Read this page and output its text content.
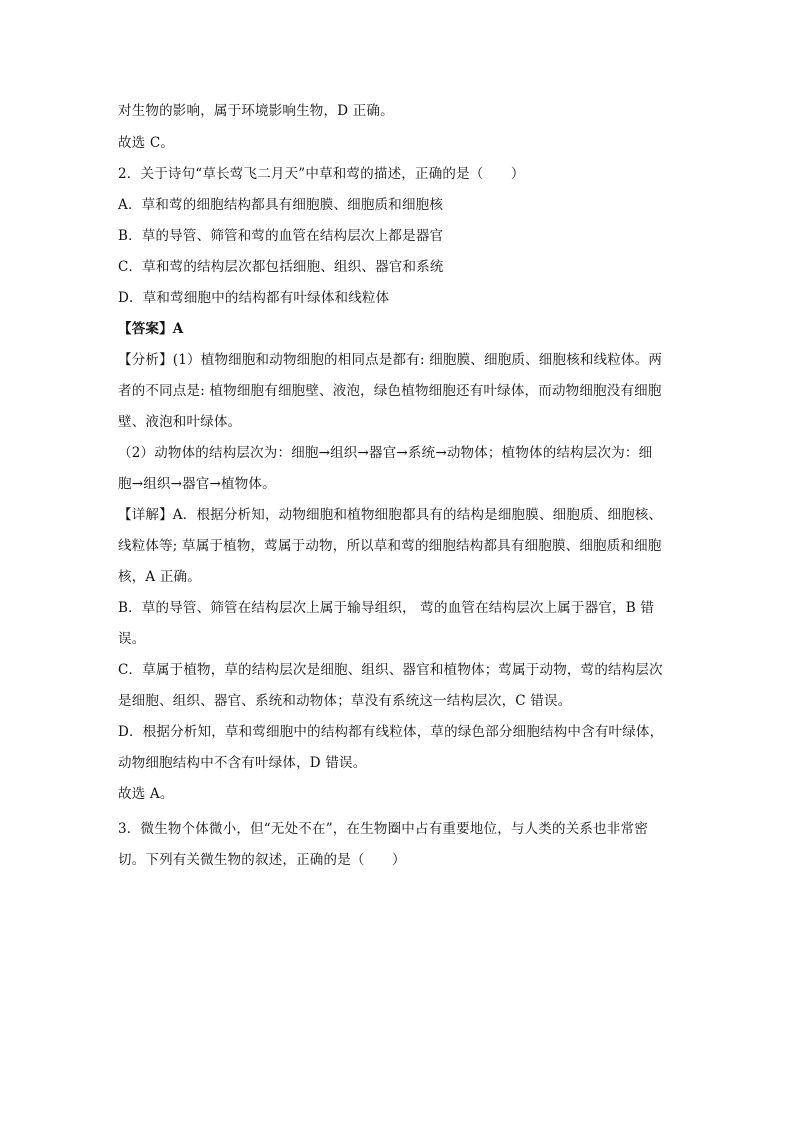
对生物的影响，属于环境影响生物，D 正确。
故选 C。
2．关于诗句“草长莺飞二月天”中草和莺的描述，正确的是（　　）
A．草和莺的细胞结构都具有细胞膜、细胞质和细胞核
B．草的导管、筛管和莺的血管在结构层次上都是器官
C．草和莺的结构层次都包括细胞、组织、器官和系统
D．草和莺细胞中的结构都有叶绿体和线粒体
【答案】A
【分析】(1）植物细胞和动物细胞的相同点是都有: 细胞膜、细胞质、细胞核和线粒体。两
者的不同点是: 植物细胞有细胞壁、液泡，绿色植物细胞还有叶绿体，而动物细胞没有细胞
壁、液泡和叶绿体。
（2）动物体的结构层次为：细胞→组织→器官→系统→动物体；植物体的结构层次为：细
胞→组织→器官→植物体。
【详解】A．根据分析知，动物细胞和植物细胞都具有的结构是细胞膜、细胞质、细胞核、
线粒体等; 草属于植物，莺属于动物，所以草和莺的细胞结构都具有细胞膜、细胞质和细胞
核，A 正确。
B．草的导管、筛管在结构层次上属于输导组织， 莺的血管在结构层次上属于器官，B 错
误。
C．草属于植物，草的结构层次是细胞、组织、器官和植物体；莺属于动物，莺的结构层次
是细胞、组织、器官、系统和动物体；草没有系统这一结构层次，C 错误。
D．根据分析知，草和莺细胞中的结构都有线粒体，草的绿色部分细胞结构中含有叶绿体，
动物细胞结构中不含有叶绿体，D 错误。
故选 A。
3．微生物个体微小，但“无处不在”，在生物圈中占有重要地位，与人类的关系也非常密
切。下列有关微生物的叙述，正确的是（　　）
